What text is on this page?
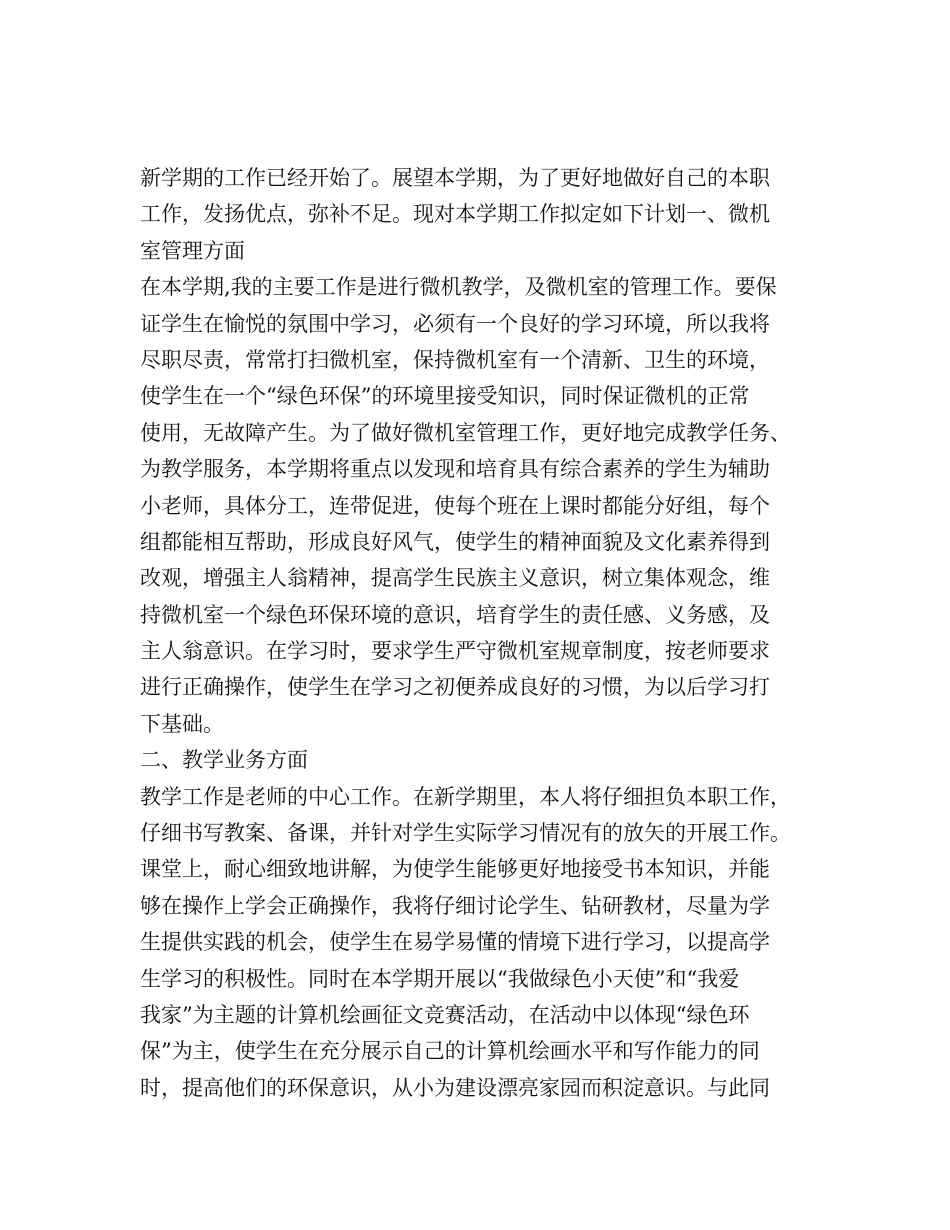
新学期的工作已经开始了。展望本学期，为了更好地做好自己的本职
工作，发扬优点，弥补不足。现对本学期工作拟定如下计划一、微机
室管理方面
在本学期,我的主要工作是进行微机教学，及微机室的管理工作。要保
证学生在愉悦的氛围中学习，必须有一个良好的学习环境，所以我将
尽职尽责，常常打扫微机室，保持微机室有一个清新、卫生的环境，
使学生在一个“绿色环保”的环境里接受知识，同时保证微机的正常
使用，无故障产生。为了做好微机室管理工作，更好地完成教学任务、
为教学服务，本学期将重点以发现和培育具有综合素养的学生为辅助
小老师，具体分工，连带促进，使每个班在上课时都能分好组，每个
组都能相互帮助，形成良好风气，使学生的精神面貌及文化素养得到
改观，增强主人翁精神，提高学生民族主义意识，树立集体观念，维
持微机室一个绿色环保环境的意识，培育学生的责任感、义务感，及
主人翁意识。在学习时，要求学生严守微机室规章制度，按老师要求
进行正确操作，使学生在学习之初便养成良好的习惯，为以后学习打
下基础。
二、教学业务方面
教学工作是老师的中心工作。在新学期里，本人将仔细担负本职工作，
仔细书写教案、备课，并针对学生实际学习情况有的放矢的开展工作。
课堂上，耐心细致地讲解，为使学生能够更好地接受书本知识，并能
够在操作上学会正确操作，我将仔细讨论学生、钻研教材，尽量为学
生提供实践的机会，使学生在易学易懂的情境下进行学习，以提高学
生学习的积极性。同时在本学期开展以“我做绿色小天使”和“我爱
我家”为主题的计算机绘画征文竞赛活动，在活动中以体现“绿色环
保”为主，使学生在充分展示自己的计算机绘画水平和写作能力的同
时，提高他们的环保意识，从小为建设漂亮家园而积淀意识。与此同
